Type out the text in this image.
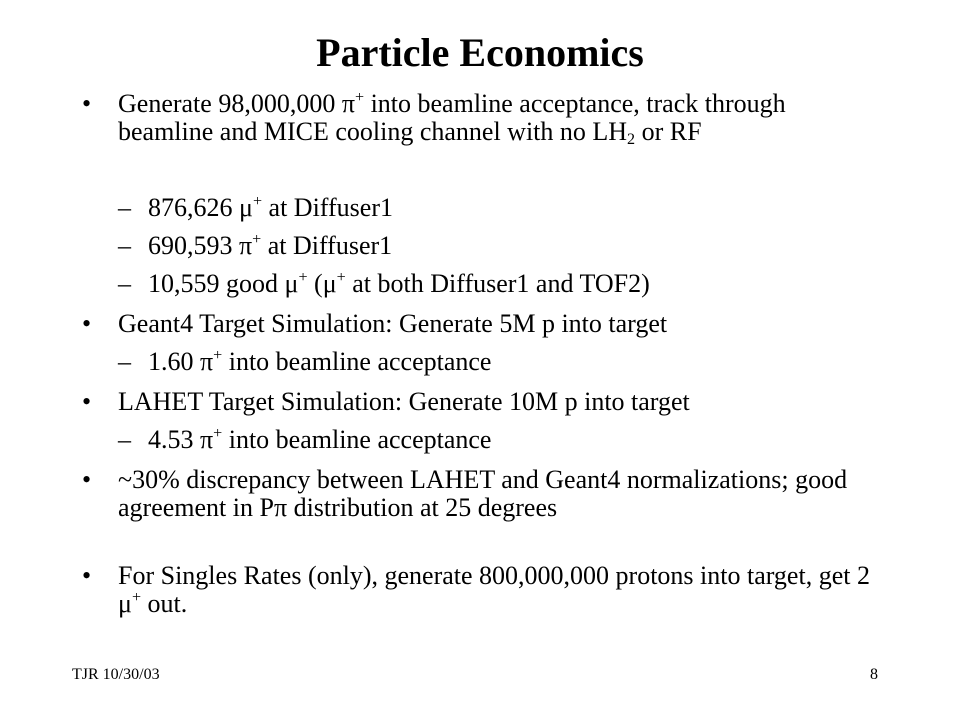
Particle Economics
• Generate 98,000,000 π+ into beamline acceptance, track through beamline and MICE cooling channel with no $LH_2$ or RF
– 876,626 μ+ at Diffuser1
– 690,593 π+ at Diffuser1
– 10,559 good μ+ (μ+ at both Diffuser1 and TOF2)
• Geant4 Target Simulation: Generate 5M p into target
– 1.60 π+ into beamline acceptance
• LAHET Target Simulation: Generate 10M p into target
– 4.53 π+ into beamline acceptance
• ~30% discrepancy between LAHET and Geant4 normalizations; good agreement in Pπ distribution at 25 degrees
• For Singles Rates (only), generate 800,000,000 protons into target, get 2 μ+ out.
TJR 10/30/03	8
